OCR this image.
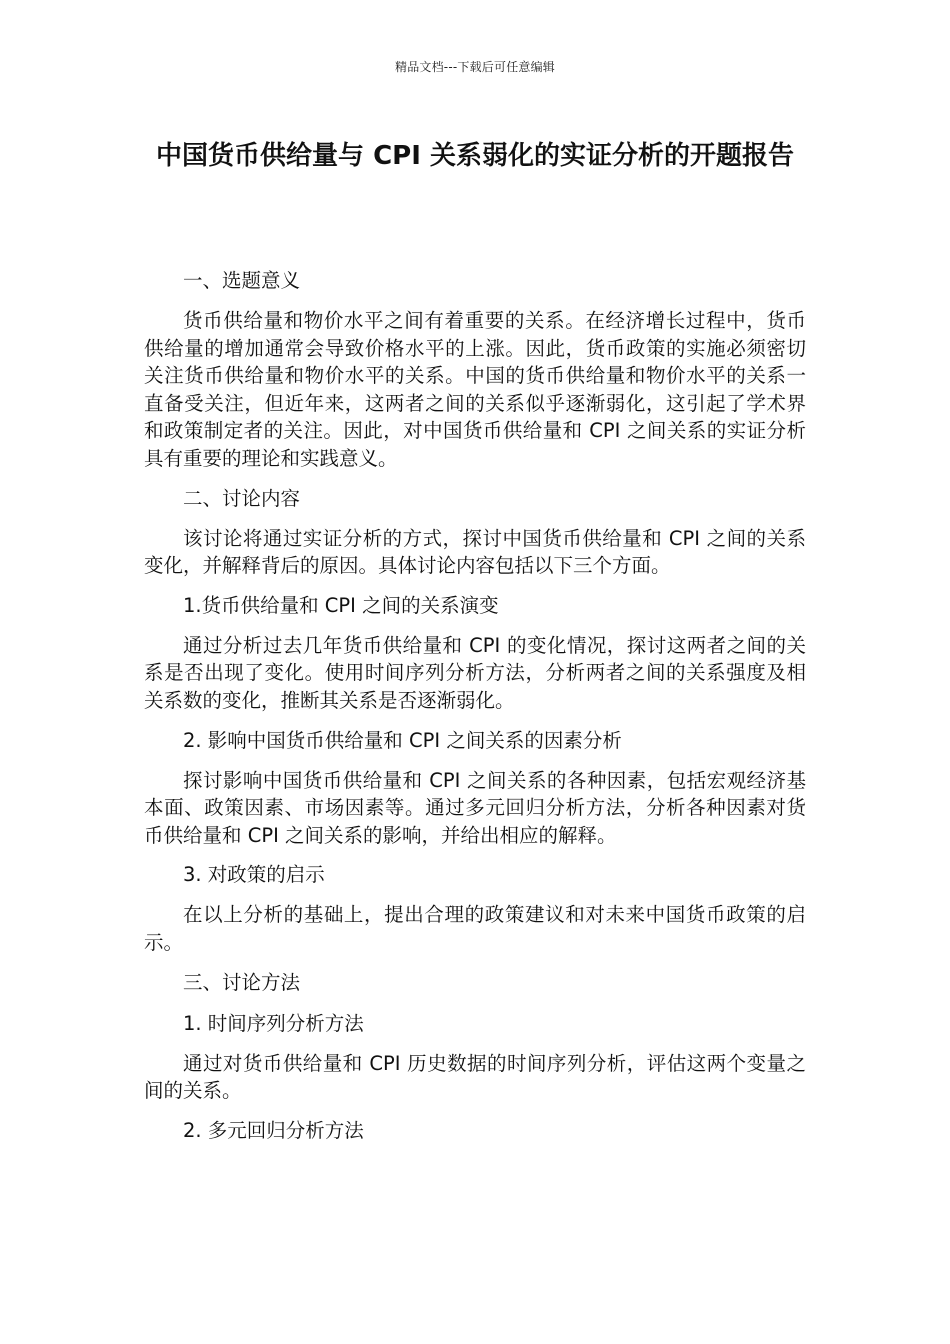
精品文档---下载后可任意编辑
中国货币供给量与 CPI 关系弱化的实证分析的开题报告

一、选题意义

货币供给量和物价水平之间有着重要的关系。在经济增长过程中，货币供给量的增加通常会导致价格水平的上涨。因此，货币政策的实施必须密切关注货币供给量和物价水平的关系。中国的货币供给量和物价水平的关系一直备受关注，但近年来，这两者之间的关系似乎逐渐弱化，这引起了学术界和政策制定者的关注。因此，对中国货币供给量和 CPI 之间关系的实证分析具有重要的理论和实践意义。

二、讨论内容

该讨论将通过实证分析的方式，探讨中国货币供给量和 CPI 之间的关系变化，并解释背后的原因。具体讨论内容包括以下三个方面。

1.货币供给量和 CPI 之间的关系演变

通过分析过去几年货币供给量和 CPI 的变化情况，探讨这两者之间的关系是否出现了变化。使用时间序列分析方法，分析两者之间的关系强度及相关系数的变化，推断其关系是否逐渐弱化。

2. 影响中国货币供给量和 CPI 之间关系的因素分析

探讨影响中国货币供给量和 CPI 之间关系的各种因素，包括宏观经济基本面、政策因素、市场因素等。通过多元回归分析方法，分析各种因素对货币供给量和 CPI 之间关系的影响，并给出相应的解释。

3. 对政策的启示

在以上分析的基础上，提出合理的政策建议和对未来中国货币政策的启示。

三、讨论方法

1. 时间序列分析方法

通过对货币供给量和 CPI 历史数据的时间序列分析，评估这两个变量之间的关系。

2. 多元回归分析方法
